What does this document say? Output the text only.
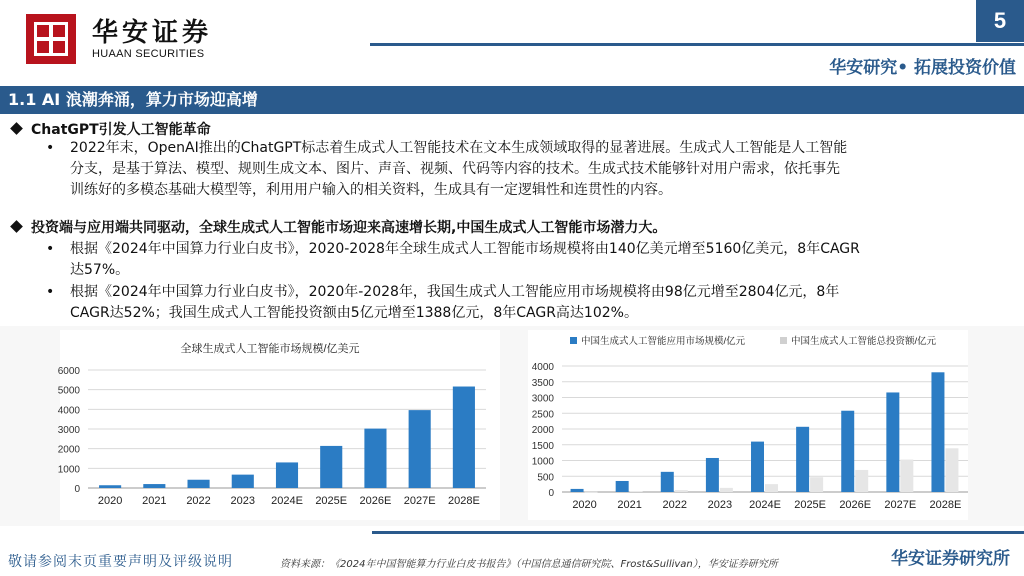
华安证券
HUAAN SECURITIES
5
华安研究• 拓展投资价值
1.1 AI 浪潮奔涌，算力市场迎高增
ChatGPT引发人工智能革命
• 2022年末，OpenAI推出的ChatGPT标志着生成式人工智能技术在文本生成领域取得的显著进展。生成式人工智能是人工智能
分支，是基于算法、模型、规则生成文本、图片、声音、视频、代码等内容的技术。生成式技术能够针对用户需求，依托事先
训练好的多模态基础大模型等，利用用户输入的相关资料，生成具有一定逻辑性和连贯性的内容。
投资端与应用端共同驱动，全球生成式人工智能市场迎来高速增长期,中国生成式人工智能市场潜力大。
• 根据《2024年中国算力行业白皮书》，2020-2028年全球生成式人工智能市场规模将由140亿美元增至5160亿美元，8年CAGR
达57%。
• 根据《2024年中国算力行业白皮书》，2020年-2028年，我国生成式人工智能应用市场规模将由98亿元增至2804亿元，8年
CAGR达52%；我国生成式人工智能投资额由5亿元增至1388亿元，8年CAGR高达102%。
全球生成式人工智能市场规模/亿美元
0
1000
2000
3000
4000
5000
6000
2020 2021 2022 2023 2024E 2025E 2026E 2027E 2028E
中国生成式人工智能应用市场规模/亿元	中国生成式人工智能总投资额/亿元
0
500
1000
1500
2000
2500
3000
3500
4000
2020 2021 2022 2023 2024E 2025E 2026E 2027E 2028E
敬请参阅末页重要声明及评级说明	资料来源：《2024年中国智能算力行业白皮书报告》（中国信息通信研究院、Frost&Sullivan），华安证券研究所	华安证券研究所
